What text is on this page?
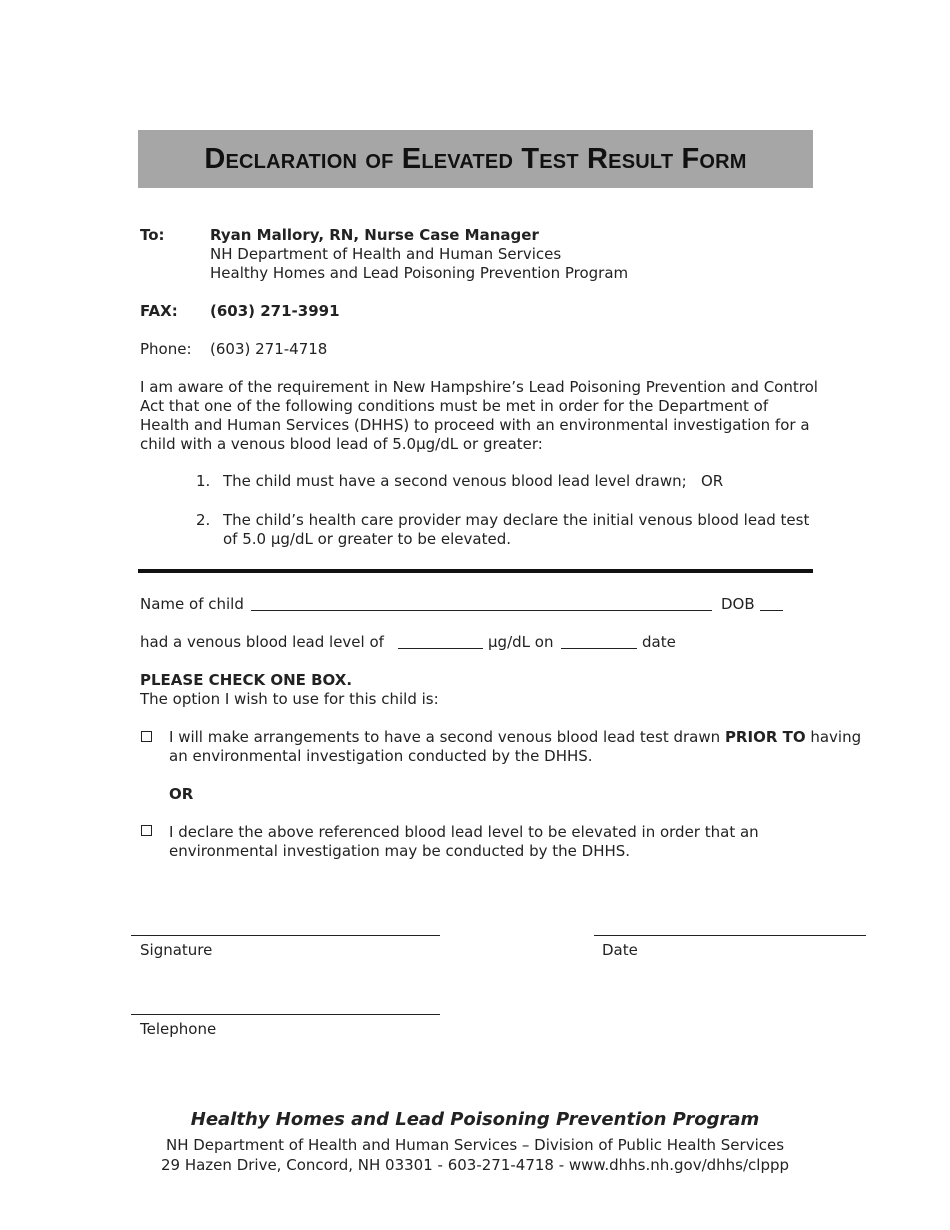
Declaration of Elevated Test Result Form
To:	Ryan Mallory, RN, Nurse Case Manager
NH Department of Health and Human Services
Healthy Homes and Lead Poisoning Prevention Program
FAX: (603) 271-3991
Phone: (603) 271-4718
I am aware of the requirement in New Hampshire’s Lead Poisoning Prevention and Control Act that one of the following conditions must be met in order for the Department of Health and Human Services (DHHS) to proceed with an environmental investigation for a child with a venous blood lead of 5.0µg/dL or greater:
1. The child must have a second venous blood lead level drawn;   OR
2. The child’s health care provider may declare the initial venous blood lead test of 5.0 µg/dL or greater to be elevated.
Name of child	DOB
had a venous blood lead level of	µg/dL on	date
PLEASE CHECK ONE BOX.
The option I wish to use for this child is:
I will make arrangements to have a second venous blood lead test drawn PRIOR TO having
an environmental investigation conducted by the DHHS.
OR
I declare the above referenced blood lead level to be elevated in order that an
environmental investigation may be conducted by the DHHS.
Signature	Date
Telephone
Healthy Homes and Lead Poisoning Prevention Program
NH Department of Health and Human Services – Division of Public Health Services
29 Hazen Drive, Concord, NH 03301 - 603-271-4718 - www.dhhs.nh.gov/dhhs/clppp
